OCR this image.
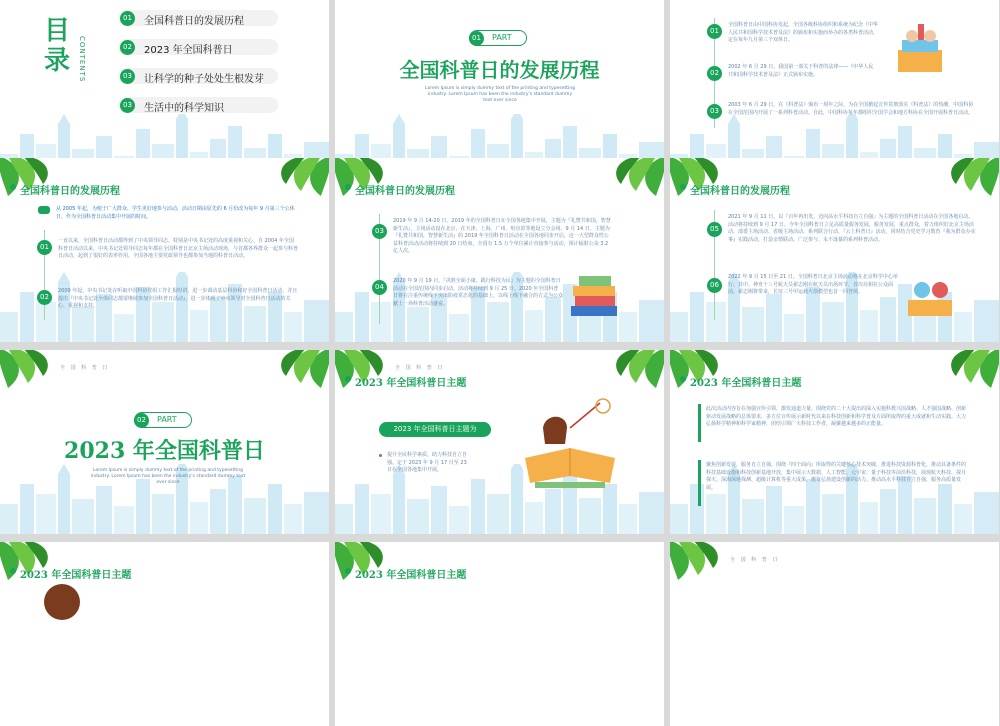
目录	CONTENTS
01	全国科普日的发展历程
02	2023 年全国科普日
03	让科学的种子处处生根发芽
03	生活中的科学知识
01	PART
全国科普日的发展历程
Lorem Ipsum is simply dummy text of the printing and typesetting industry. Lorem Ipsum has been the industry's standard dummy text ever since
01
全国科普日由中国科协发起，全国各级科协组织和系统为纪念《中华人民共和国科学技术普及法》的颁布和实施而举办的各类科普活动，定在每年九月第三个双休日。
02
2002 年 6 月 29 日，我国第一部关于科普的法律——《中华人民共和国科学技术普及法》正式颁布实施。
03
2003 年 6 月 29 日，在《科普法》颁布一周年之际，为在全国掀起宣传贯彻落实《科普法》的热潮，中国科协在全国范围内开展了一系列科普活动。自此，中国科协每年都组织全国学会和地方科协在全国开展科普日活动。
全国科普日的发展历程
从 2005 年起，为便于广大群众、学生更好地参与活动，活动日期由原先的 6 月份改为每年 9 月第三个公休日，作为全国科普日活动集中开展的时间。
01
一直以来，全国科普日活动都得到了中央领导同志、特别是中央书记处的高度重视和关心。自 2004 年全国科普日活动以来，中央书记处领导同志每年都在全国科普日北京主场活动现场，与首都各界群众一起参与科普日活动，起到了很好的表率作用。全国各地主要党政领导也都参加当地的科普日活动。
02
2009 年起，中央书记处在听取中国科协党组工作汇报时讲，进一步调动基层科协和好全国科普日活动，并且提出『中央书记处全体同志都要继续参加全国科普日活动』，进一步体现了中央领导对全国科普日活动的关心、重视和支持。
全国科普日的发展历程
03
2019 年 9 月 14-20 日，2019 年的全国科普日在全国各地集中开展，主题为『礼赞共和国，智慧新生活』，主场活动设在北京，在天津、上海、广州、哈尔滨等地设立分会场。9 月 14 日，主题为『礼赞共和国，智慧新生活』的 2019 年全国科普日活动在全国各地同步开启，这一大型群众性公益科普活动活动将持续到 20 日结束，全国有 1.5 万个单位累计直接参与活动，预计辐射公众 3.2 亿人次。
04
2020 年 9 月 19 日，『决胜全面小康，践行科技为民』为主题的全国科普日活动在全国范围内同步启动，活动将持续到 9 月 25 日。2020 年全国科普日将在注重传统线下突出防疫常态化的基础上，以线上线下融合的方式为公众献上一场科普活动盛宴。
全国科普日的发展历程
05
2021 年 9 月 11 日，以『百年再出发，迈向高水平科技自立自强』为主题的全国科普日活动在全国各地启动。活动将持续到 9 月 17 日。今年全国科普日立足高质量服务发展，服务发展，重点群众，着力组织好北京主场活动、部委主场活动、省级主场活动、系列联合行动、『云上科普日』活动，同时结合党史学习教育『我为群众办实事』实践活动，打造亲情联动、广泛参与、永不落幕的系列科普活动。
06
2022 年 9 月 15 日至 21 日，全国科普日北京主场活动将在北京科学中心举行。其中，神舟十三号航天员翟志刚在航天员出场环节，首次亮相在公众面前，翟志刚将带来，长征三号甲运载火箭模型也首一同登场。
全 国 科 普 日
02	PART
2023 年全国科普日
Lorem Ipsum is simply dummy text of the printing and typesetting industry. Lorem Ipsum has been the industry's standard dummy text ever since
全 国 科 普 日
2023 年全国科普日主题
2023 年全国科普日主题为
提升全民科学素质，助力科技自立自强。定于 2023 年 9 月 17 日至 23 日在全国各地集中开展。
2023 年全国科普日主题
此次活动内容旨在加强宣传引领，激发通道力量。围绕党的二十大提出的深入实施科教兴国战略、人才强国战略、创新驱动发展战略的总体要求，多方位宣传展示新时代以来在科技创新和科学普及方面所取得的重大成就和生动实践。大力弘扬科学精神和科学家精神，团结引领广大科技工作者，凝聚越来越多的正能量。
聚焦创新发展，服务自立自强。围绕『四个面向』所取得的关键核心技术突破，推进科技资源科普化，推动具备条件的科技基础设施和科技创新基地开放，集中展示大数据、人工智能、元宇宙、量子科技等前沿科技，展现航天科技、探月探火、深海深地探测、超级计算机等重大成果，激发弘扬建设创新的活力。推动高水平科技自立自强，服务高质量发展。
2023 年全国科普日主题	2023 年全国科普日主题
全 国 科 普 日
